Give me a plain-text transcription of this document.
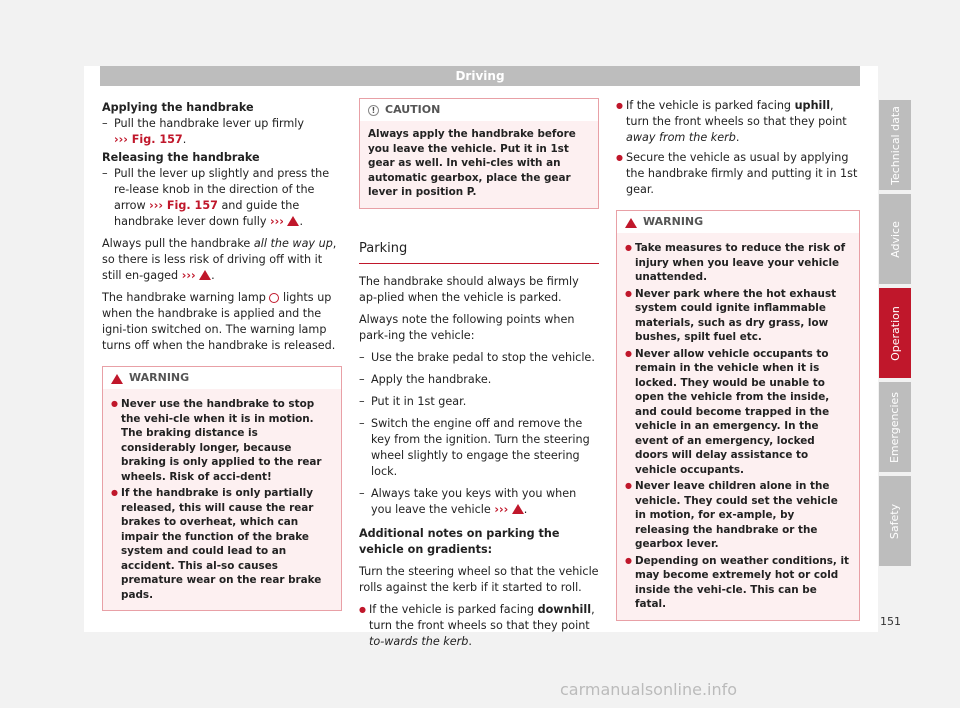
Driving
Applying the handbrake
– Pull the handbrake lever up firmly
››› Fig. 157.

Releasing the handbrake

– Pull the lever up slightly and press the re-lease knob in the direction of the arrow ››› Fig. 157 and guide the handbrake lever down fully ››› .

Always pull the handbrake all the way up, so there is less risk of driving off with it still en-gaged ››› .

The handbrake warning lamp  lights up when the handbrake is applied and the igni-tion switched on. The warning lamp turns off when the handbrake is released.

WARNING
● Never use the handbrake to stop the vehi-cle when it is in motion. The braking distance is considerably longer, because braking is only applied to the rear wheels. Risk of acci-dent!
● If the handbrake is only partially released, this will cause the rear brakes to overheat, which can impair the function of the brake system and could lead to an accident. This al-so causes premature wear on the rear brake pads.
! CAUTION
Always apply the handbrake before you leave the vehicle. Put it in 1st gear as well. In vehi-cles with an automatic gearbox, place the gear lever in position P.
Parking

The handbrake should always be firmly ap-plied when the vehicle is parked.

Always note the following points when park-ing the vehicle:

– Use the brake pedal to stop the vehicle.
– Apply the handbrake.
– Put it in 1st gear.
– Switch the engine off and remove the key from the ignition. Turn the steering wheel slightly to engage the steering lock.
– Always take you keys with you when you leave the vehicle ››› .

Additional notes on parking the vehicle on gradients:

Turn the steering wheel so that the vehicle rolls against the kerb if it started to roll.

● If the vehicle is parked facing downhill, turn the front wheels so that they point to-wards the kerb.
● If the vehicle is parked facing uphill, turn the front wheels so that they point away from the kerb.
● Secure the vehicle as usual by applying the handbrake firmly and putting it in 1st gear.
WARNING
● Take measures to reduce the risk of injury when you leave your vehicle unattended.
● Never park where the hot exhaust system could ignite inflammable materials, such as dry grass, low bushes, spilt fuel etc.
● Never allow vehicle occupants to remain in the vehicle when it is locked. They would be unable to open the vehicle from the inside, and could become trapped in the vehicle in an emergency. In the event of an emergency, locked doors will delay assistance to vehicle occupants.
● Never leave children alone in the vehicle. They could set the vehicle in motion, for ex-ample, by releasing the handbrake or the gearbox lever.
● Depending on weather conditions, it may become extremely hot or cold inside the vehi-cle. This can be fatal.
Technical data
Advice
Operation
Emergencies
Safety
151
carmanualsonline.info
